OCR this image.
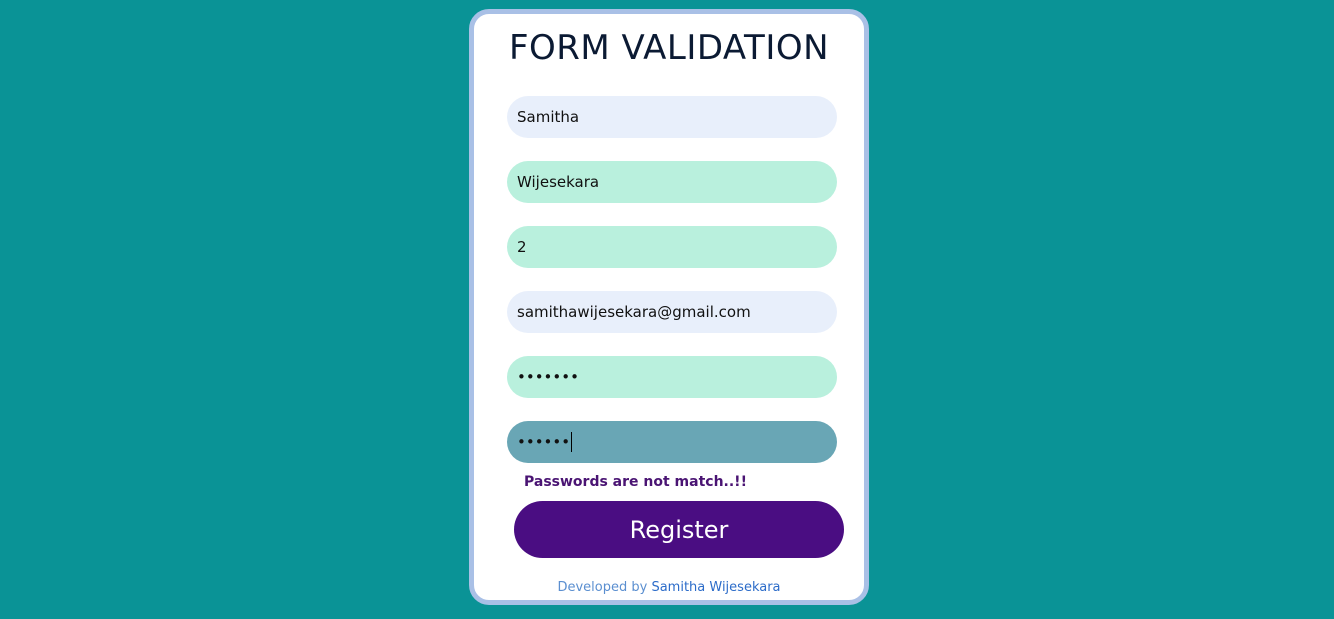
FORM VALIDATION
Samitha
Wijesekara
2
samithawijesekara@gmail.com
•••••••
••••••
Passwords are not match..!!
Register
Developed by Samitha Wijesekara
